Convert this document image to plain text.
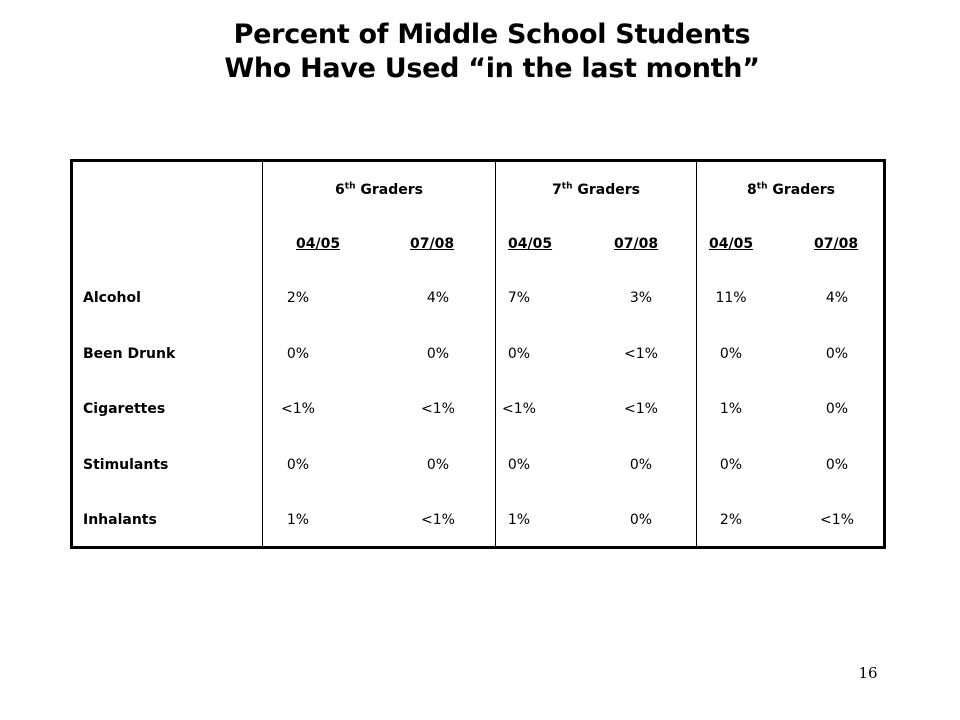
Percent of Middle School Students
Who Have Used “in the last month”
6th Graders	7th Graders	8th Graders
04/05	07/08	04/05	07/08	04/05	07/08
Alcohol	2%	4%	7%	3%	11%	4%
Been Drunk	0%	0%	0%	<1%	0%	0%
Cigarettes	<1%	<1%	<1%	<1%	1%	0%
Stimulants	0%	0%	0%	0%	0%	0%
Inhalants	1%	<1%	1%	0%	2%	<1%
16
